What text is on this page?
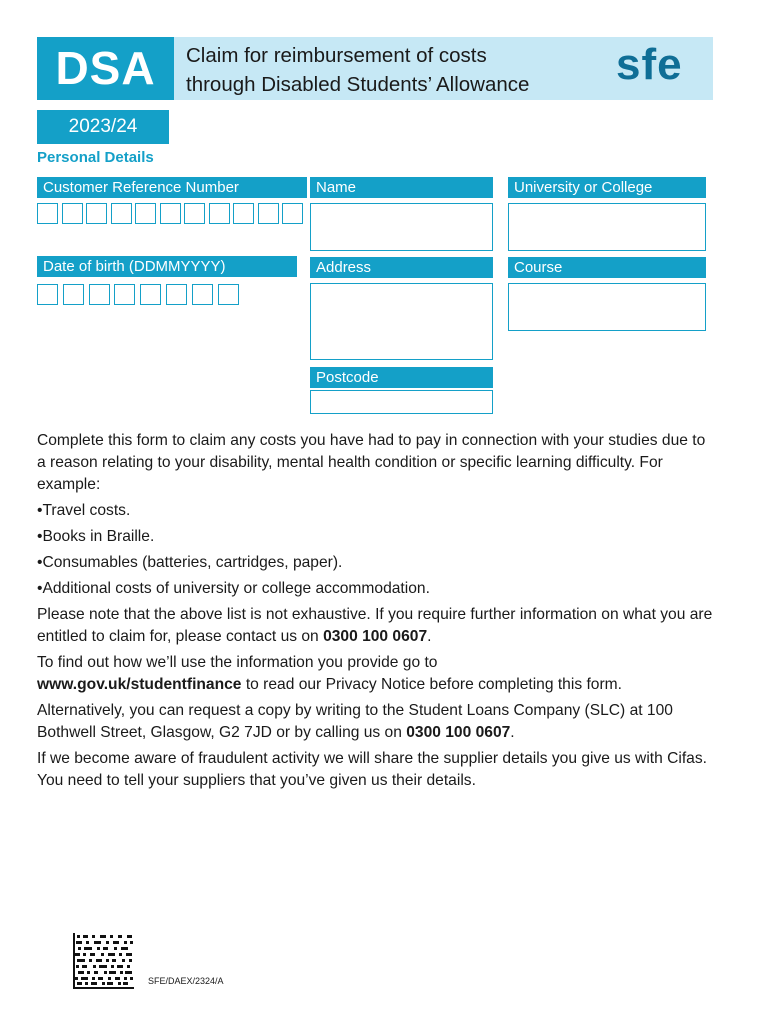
DSA	Claim for reimbursement of costs
through Disabled Students’ Allowance sfe
2023/24
Personal Details
Customer Reference Number
Date of birth (DDMMYYYY)
Name
Address
Postcode
University or College
Course

Complete this form to claim any costs you have had to pay in connection with your studies due to a reason relating to your disability, mental health condition or specific learning difficulty. For example:

•Travel costs.

•Books in Braille.

•Consumables (batteries, cartridges, paper).

•Additional costs of university or college accommodation.

Please note that the above list is not exhaustive. If you require further information on what you are entitled to claim for, please contact us on 0300 100 0607.

To find out how we’ll use the information you provide go to
www.gov.uk/studentfinance to read our Privacy Notice before completing this form.

Alternatively, you can request a copy by writing to the Student Loans Company (SLC) at 100 Bothwell Street, Glasgow, G2 7JD or by calling us on 0300 100 0607.

If we become aware of fraudulent activity we will share the supplier details you give us with Cifas. You need to tell your suppliers that you’ve given us their details.

SFE/DAEX/2324/A
